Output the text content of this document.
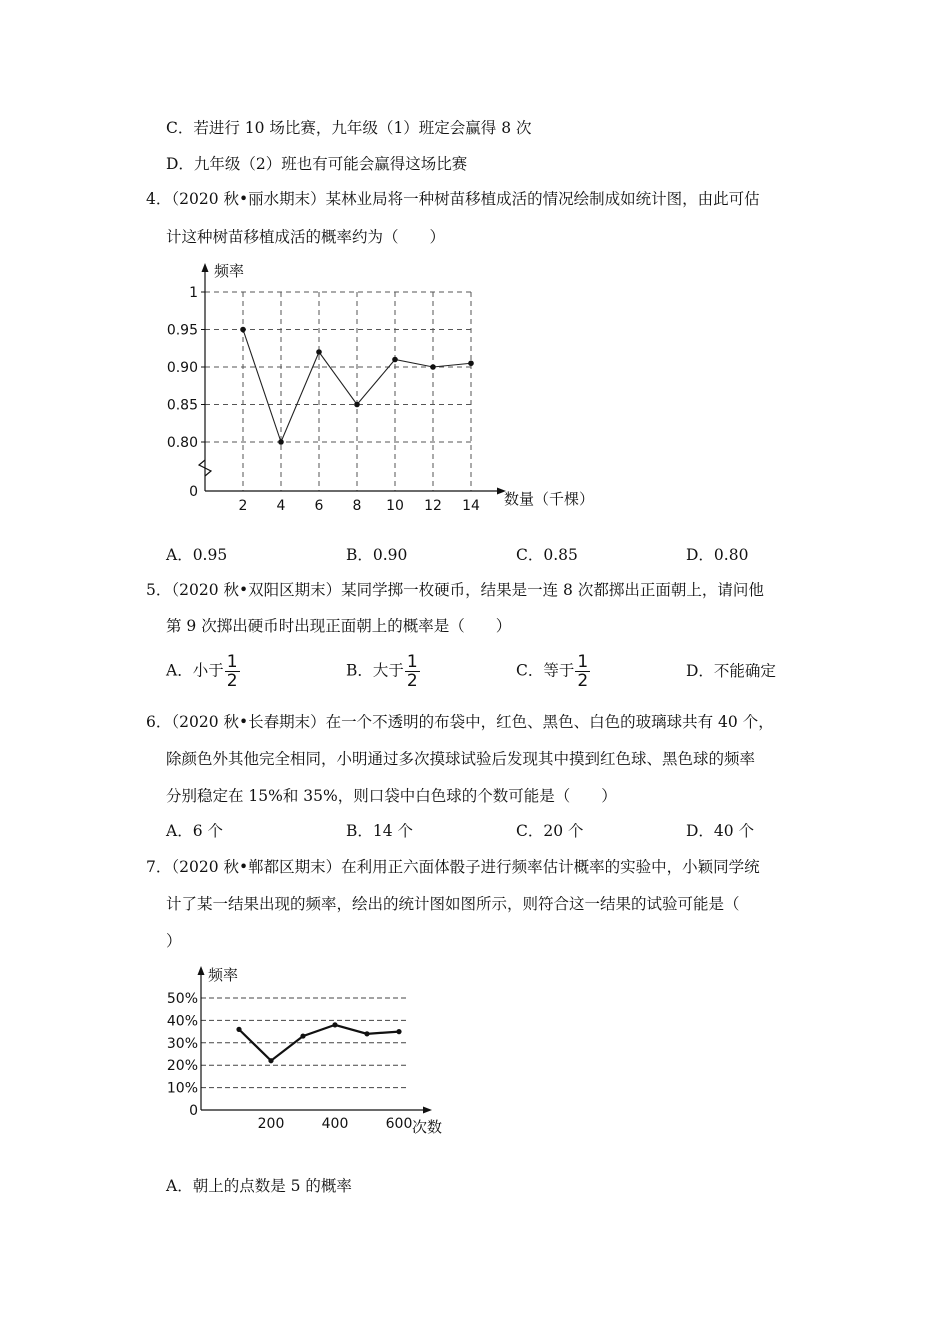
C．若进行 10 场比赛，九年级（1）班定会赢得 8 次
D．九年级（2）班也有可能会赢得这场比赛
4．（2020 秋•丽水期末）某林业局将一种树苗移植成活的情况绘制成如统计图，由此可估
计这种树苗移植成活的概率约为（　　）
频率
数量（千棵）
0.80
0.85
0.90
0.95
1
0
2 4 6 8 10 12 14
A．0.95	B．0.90	C．0.85	D．0.80
5．（2020 秋•双阳区期末）某同学掷一枚硬币，结果是一连 8 次都掷出正面朝上，请问他
第 9 次掷出硬币时出现正面朝上的概率是（　　）
A．小于 $\frac{1}{2}$	B．大于 $\frac{1}{2}$	C．等于 $\frac{1}{2}$	D．不能确定
6．（2020 秋•长春期末）在一个不透明的布袋中，红色、黑色、白色的玻璃球共有 40 个，
除颜色外其他完全相同，小明通过多次摸球试验后发现其中摸到红色球、黑色球的频率
分别稳定在 15%和 35%，则口袋中白色球的个数可能是（　　）
A．6 个	B．14 个	C．20 个	D．40 个
7．（2020 秋•郸都区期末）在利用正六面体骰子进行频率估计概率的实验中，小颖同学统
计了某一结果出现的频率，绘出的统计图如图所示，则符合这一结果的试验可能是（
）
频率
次数
10%
20%
30%
40%
50%
0
200	400	600
A．朝上的点数是 5 的概率
